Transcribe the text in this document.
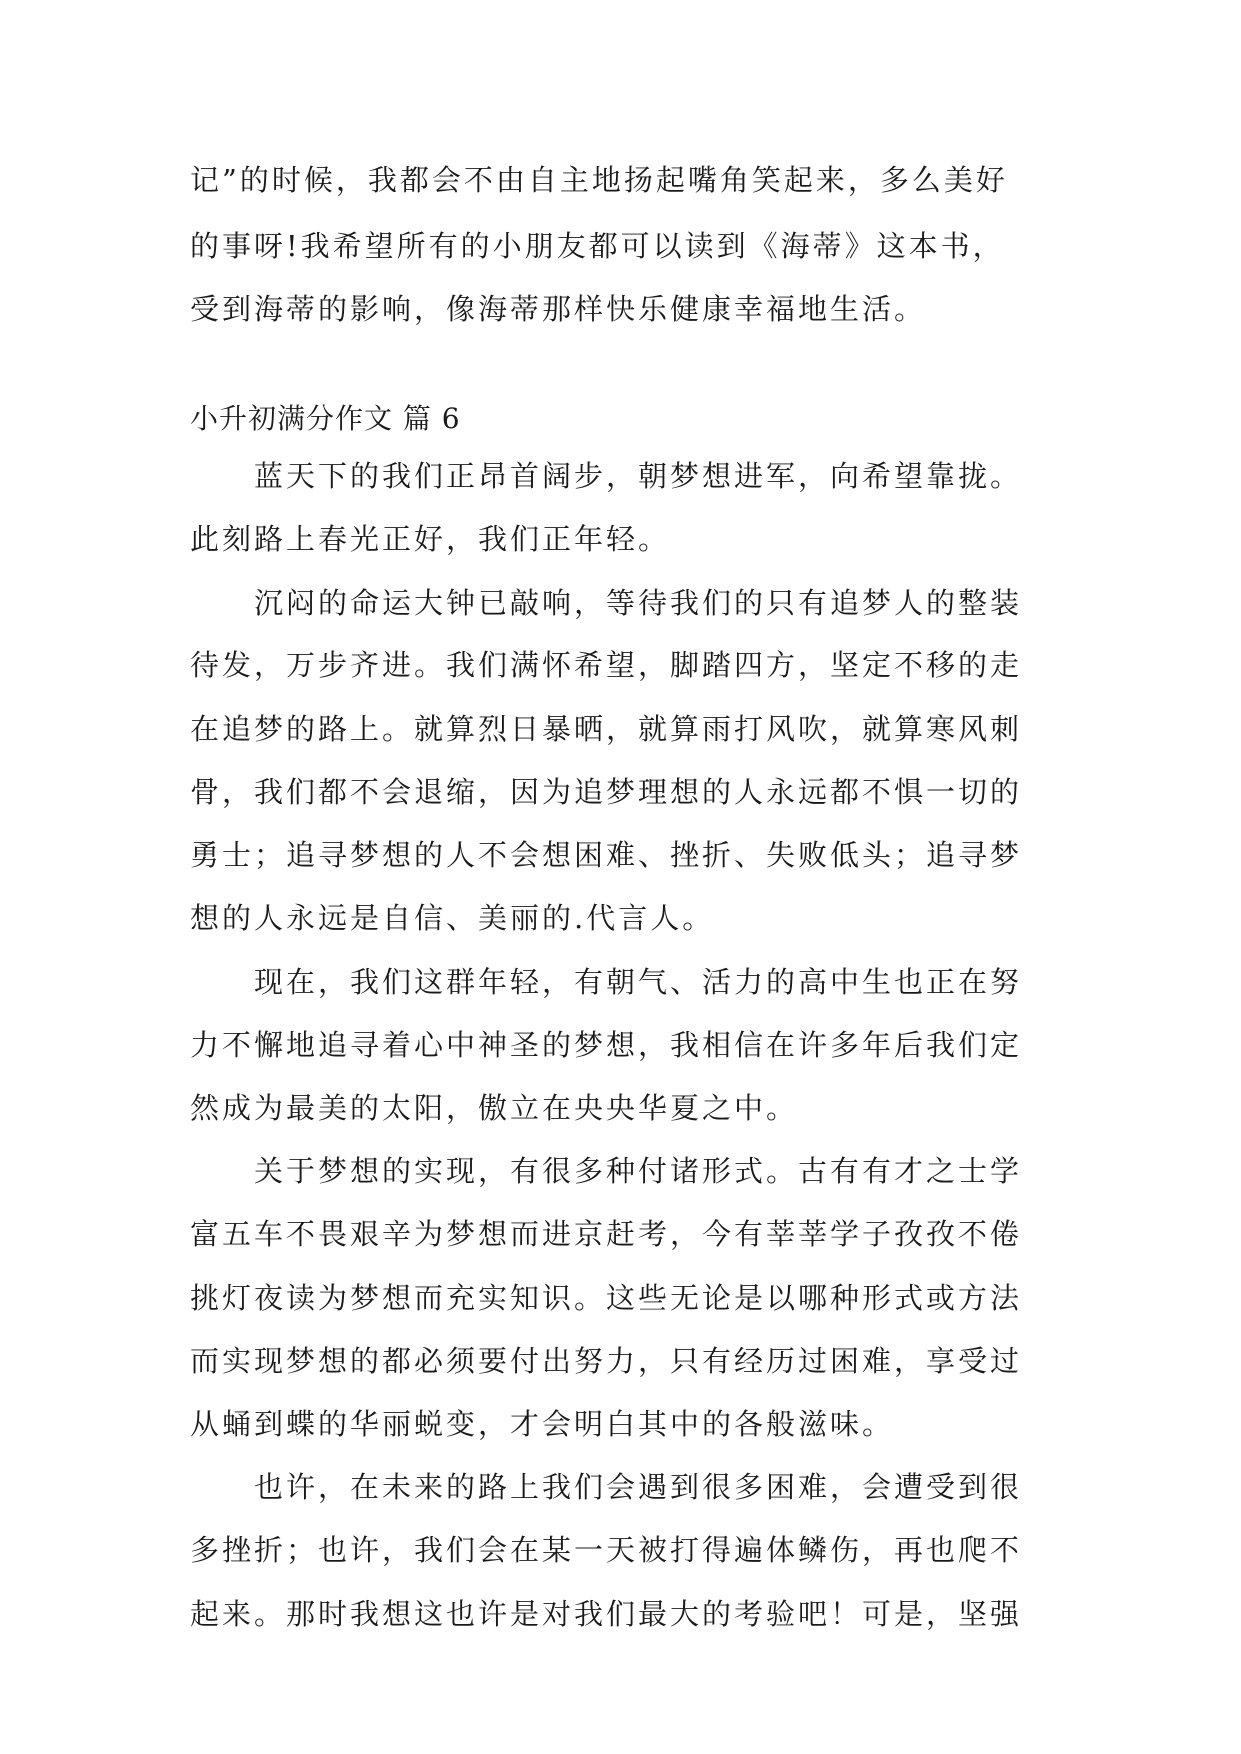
记”的时候，我都会不由自主地扬起嘴角笑起来，多么美好
的事呀!我希望所有的小朋友都可以读到《海蒂》这本书，
受到海蒂的影响，像海蒂那样快乐健康幸福地生活。
小升初满分作文 篇 6
　　蓝天下的我们正昂首阔步，朝梦想进军，向希望靠拢。
此刻路上春光正好，我们正年轻。
　　沉闷的命运大钟已敲响，等待我们的只有追梦人的整装
待发，万步齐进。我们满怀希望，脚踏四方，坚定不移的走
在追梦的路上。就算烈日暴晒，就算雨打风吹，就算寒风刺
骨，我们都不会退缩，因为追梦理想的人永远都不惧一切的
勇士；追寻梦想的人不会想困难、挫折、失败低头；追寻梦
想的人永远是自信、美丽的.代言人。
　　现在，我们这群年轻，有朝气、活力的高中生也正在努
力不懈地追寻着心中神圣的梦想，我相信在许多年后我们定
然成为最美的太阳，傲立在央央华夏之中。
　　关于梦想的实现，有很多种付诸形式。古有有才之士学
富五车不畏艰辛为梦想而进京赶考，今有莘莘学子孜孜不倦
挑灯夜读为梦想而充实知识。这些无论是以哪种形式或方法
而实现梦想的都必须要付出努力，只有经历过困难，享受过
从蛹到蝶的华丽蜕变，才会明白其中的各般滋味。
　　也许，在未来的路上我们会遇到很多困难，会遭受到很
多挫折；也许，我们会在某一天被打得遍体鳞伤，再也爬不
起来。那时我想这也许是对我们最大的考验吧！可是，坚强
